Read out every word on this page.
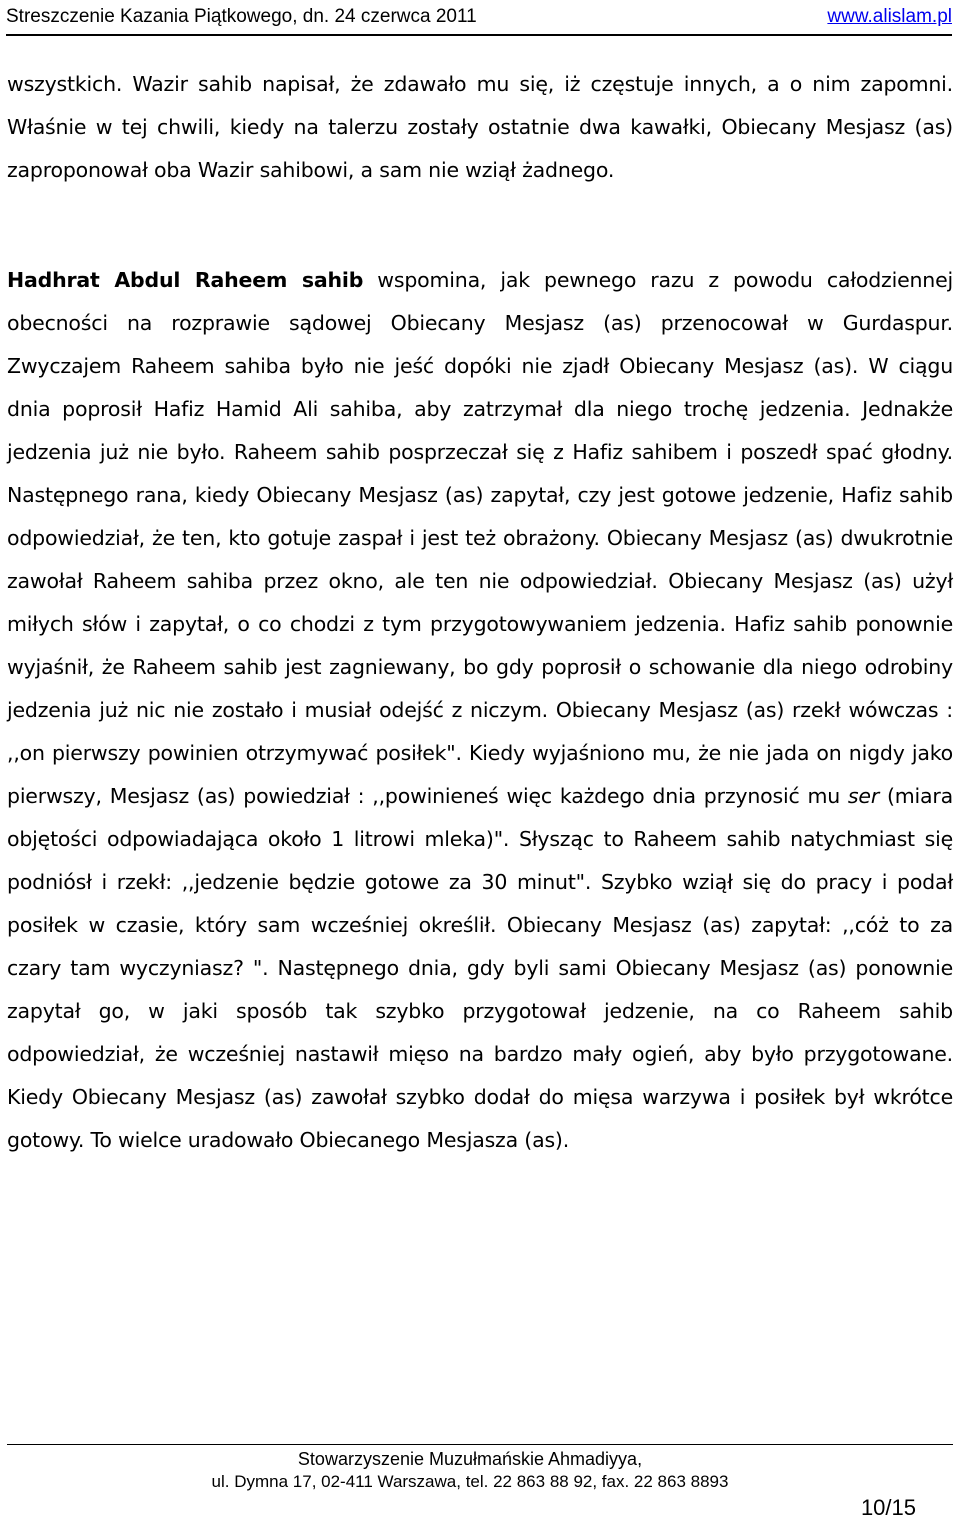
Streszczenie Kazania Piątkowego, dn. 24 czerwca 2011	www.alislam.pl

wszystkich. Wazir sahib napisał, że zdawało mu się, iż częstuje innych, a o nim zapomni. Właśnie w tej chwili, kiedy na talerzu zostały ostatnie dwa kawałki, Obiecany Mesjasz (as) zaproponował oba Wazir sahibowi, a sam nie wziął żadnego.

Hadhrat Abdul Raheem sahib wspomina, jak pewnego razu z powodu całodziennej obecności na rozprawie sądowej Obiecany Mesjasz (as) przenocował w Gurdaspur. Zwyczajem Raheem sahiba było nie jeść dopóki nie zjadł Obiecany Mesjasz (as). W ciągu dnia poprosił Hafiz Hamid Ali sahiba, aby zatrzymał dla niego trochę jedzenia. Jednakże jedzenia już nie było. Raheem sahib posprzeczał się z Hafiz sahibem i poszedł spać głodny. Następnego rana, kiedy Obiecany Mesjasz (as) zapytał, czy jest gotowe jedzenie, Hafiz sahib odpowiedział, że ten, kto gotuje zaspał i jest też obrażony. Obiecany Mesjasz (as) dwukrotnie zawołał Raheem sahiba przez okno, ale ten nie odpowiedział. Obiecany Mesjasz (as) użył miłych słów i zapytał, o co chodzi z tym przygotowywaniem jedzenia. Hafiz sahib ponownie wyjaśnił, że Raheem sahib jest zagniewany, bo gdy poprosił o schowanie dla niego odrobiny jedzenia już nic nie zostało i musiał odejść z niczym. Obiecany Mesjasz (as) rzekł wówczas : ,,on pierwszy powinien otrzymywać posiłek". Kiedy wyjaśniono mu, że nie jada on nigdy jako pierwszy, Mesjasz (as) powiedział : ,,powinieneś więc każdego dnia przynosić mu ser (miara objętości odpowiadająca około 1 litrowi mleka)". Słysząc to Raheem sahib natychmiast się podniósł i rzekł: ,,jedzenie będzie gotowe za 30 minut". Szybko wziął się do pracy i podał posiłek w czasie, który sam wcześniej określił. Obiecany Mesjasz (as) zapytał: ,,cóż to za czary tam wyczyniasz? ". Następnego dnia, gdy byli sami Obiecany Mesjasz (as) ponownie zapytał go, w jaki sposób tak szybko przygotował jedzenie, na co Raheem sahib odpowiedział, że wcześniej nastawił mięso na bardzo mały ogień, aby było przygotowane. Kiedy Obiecany Mesjasz (as) zawołał szybko dodał do mięsa warzywa i posiłek był wkrótce gotowy. To wielce uradowało Obiecanego Mesjasza (as).

Stowarzyszenie Muzułmańskie Ahmadiyya,
ul. Dymna 17, 02-411 Warszawa, tel. 22 863 88 92, fax. 22 863 8893
10/15
